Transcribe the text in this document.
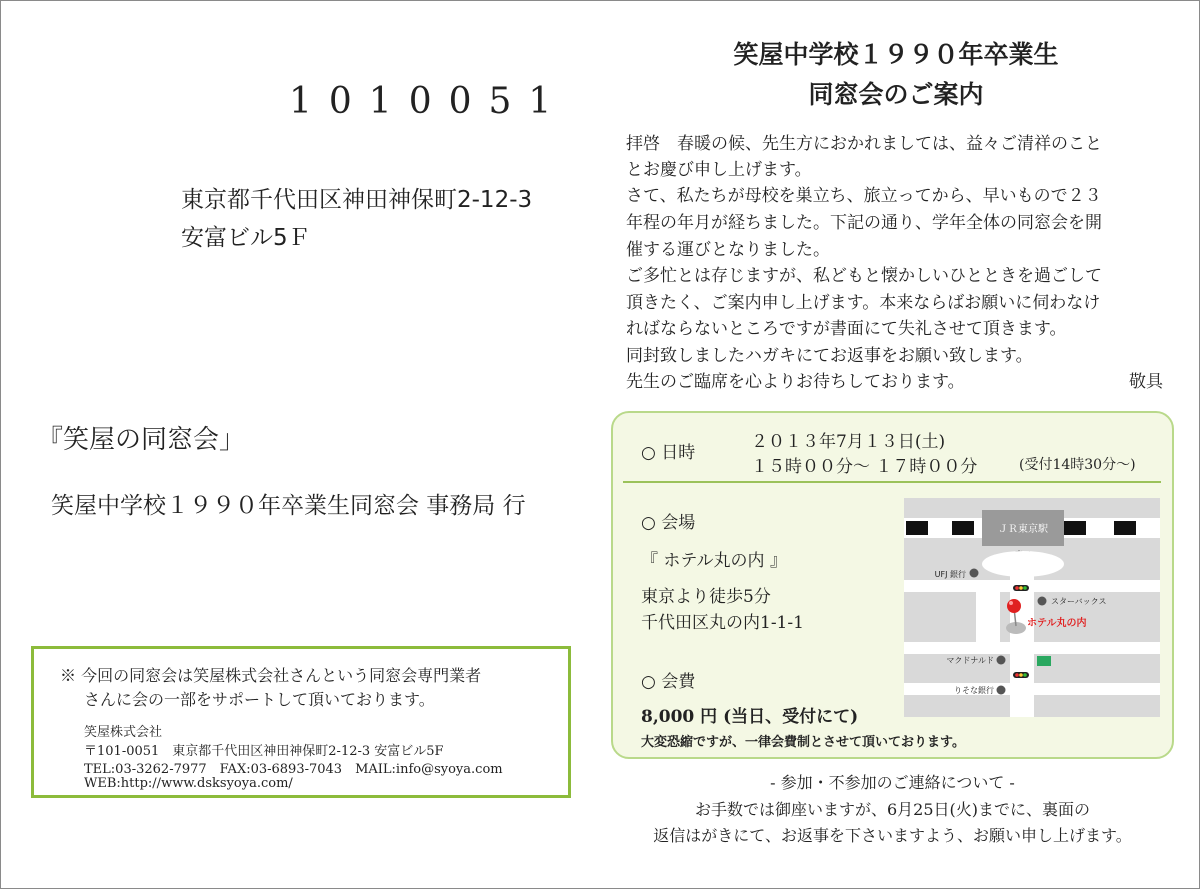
1010051
東京都千代田区神田神保町2-12-3
安富ビル5Ｆ
『笑屋の同窓会」
笑屋中学校１９９０年卒業生同窓会 事務局 行
※ 今回の同窓会は笑屋株式会社さんという同窓会専門業者
さんに会の一部をサポートして頂いております。
笑屋株式会社
〒101-0051　東京都千代田区神田神保町2-12-3 安富ビル5F
TEL:03-3262-7977　FAX:03-6893-7043　MAIL:info@syoya.com
WEB:http://www.dsksyoya.com/
笑屋中学校１９９０年卒業生
同窓会のご案内
拝啓　春暖の候、先生方におかれましては、益々ご清祥のこと
とお慶び申し上げます。
さて、私たちが母校を巣立ち、旅立ってから、早いもので２３
年程の年月が経ちました。下記の通り、学年全体の同窓会を開
催する運びとなりました。
ご多忙とは存じますが、私どもと懐かしいひとときを過ごして
頂きたく、ご案内申し上げます。本来ならばお願いに伺わなけ
ればならないところですが書面にて失礼させて頂きます。
同封致しましたハガキにてお返事をお願い致します。
先生のご臨席を心よりお待ちしております。	敬具
○ 日時
２０１３年7月１３日(土)
１５時００分～ １７時００分	(受付14時30分～)
○ 会場
『 ホテル丸の内 』
東京より徒歩5分
千代田区丸の内1-1-1
○ 会費
8,000 円 (当日、受付にて)
大変恐縮ですが、一律会費制とさせて頂いております。
ＪＲ東京駅
UFJ 銀行
スターバックス
ホテル丸の内
マクドナルド
りそな銀行
- 参加・不参加のご連絡について -
お手数では御座いますが、6月25日(火)までに、裏面の
返信はがきにて、お返事を下さいますよう、お願い申し上げます。
